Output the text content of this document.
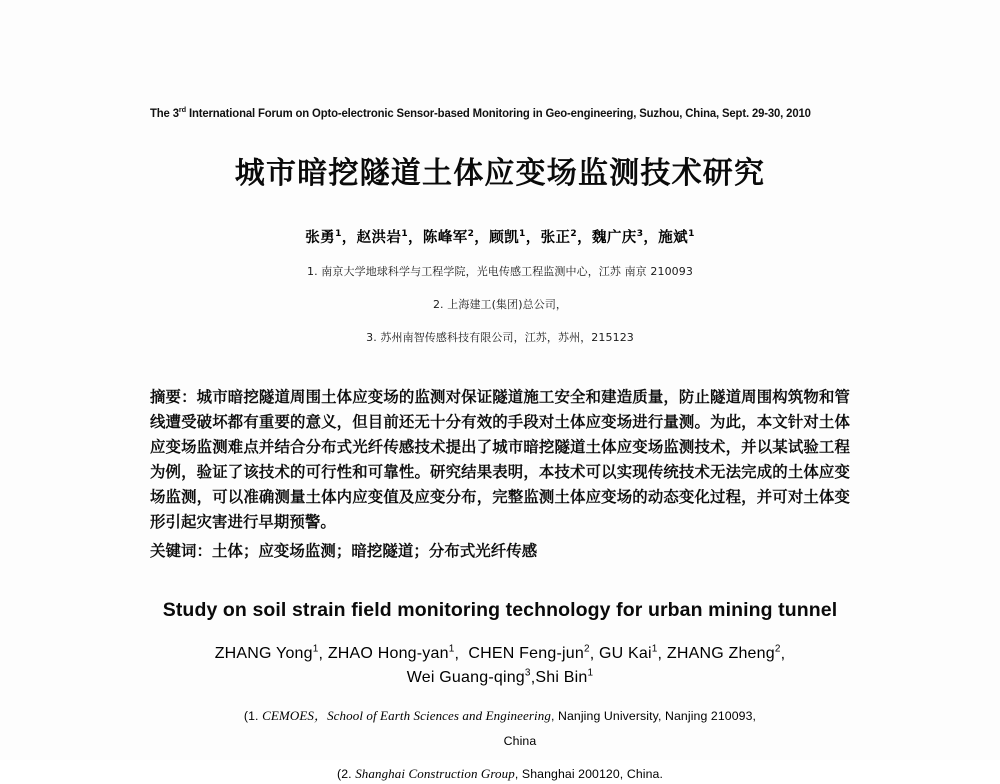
The 3rd International Forum on Opto-electronic Sensor-based Monitoring in Geo-engineering, Suzhou, China, Sept. 29-30, 2010
城市暗挖隧道土体应变场监测技术研究
张勇$^1$，赵洪岩$^1$，陈峰军$^2$，顾凯$^1$，张正$^2$，魏广庆$^3$，施斌$^1$
1. 南京大学地球科学与工程学院，光电传感工程监测中心，江苏 南京 210093
2. 上海建工(集团)总公司，
3. 苏州南智传感科技有限公司，江苏，苏州，215123
摘要：城市暗挖隧道周围土体应变场的监测对保证隧道施工安全和建造质量，防止隧道周围构筑物和管线遭受破坏都有重要的意义，但目前还无十分有效的手段对土体应变场进行量测。为此，本文针对土体应变场监测难点并结合分布式光纤传感技术提出了城市暗挖隧道土体应变场监测技术，并以某试验工程为例，验证了该技术的可行性和可靠性。研究结果表明，本技术可以实现传统技术无法完成的土体应变场监测，可以准确测量土体内应变值及应变分布，完整监测土体应变场的动态变化过程，并可对土体变形引起灾害进行早期预警。
关键词：土体；应变场监测；暗挖隧道；分布式光纤传感
Study on soil strain field monitoring technology for urban mining tunnel
ZHANG Yong$^1$, ZHAO Hong-yan$^1$,  CHEN Feng-jun$^2$, GU Kai$^1$, ZHANG Zheng$^2$,
Wei Guang-qing$^3$,Shi Bin$^1$
(1. CEMOES，School of Earth Sciences and Engineering, Nanjing University, Nanjing 210093,
China
(2. Shanghai Construction Group, Shanghai 200120, China.
